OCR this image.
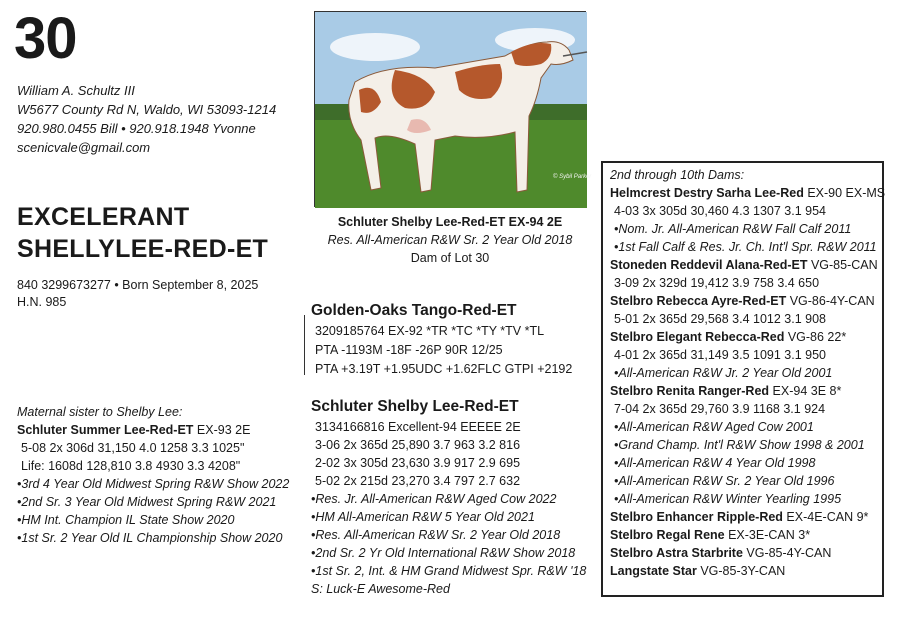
30
William A. Schultz III
W5677 County Rd N, Waldo, WI 53093-1214
920.980.0455 Bill • 920.918.1948 Yvonne
scenicvale@gmail.com
EXCELERANT
SHELLYLEE-RED-ET
840 3299673277 • Born September 8, 2025
H.N. 985
© Sybil Parker
Schluter Shelby Lee-Red-ET EX-94 2E
Res. All-American R&W Sr. 2 Year Old 2018
Dam of Lot 30
Golden-Oaks Tango-Red-ET
3209185764 EX-92 *TR *TC *TY *TV *TL
PTA -1193M -18F -26P 90R 12/25
PTA +3.19T +1.95UDC +1.62FLC GTPI +2192
Schluter Shelby Lee-Red-ET
3134166816 Excellent-94 EEEEE 2E
3-06 2x 365d 25,890 3.7 963 3.2 816
2-02 3x 305d 23,630 3.9 917 2.9 695
5-02 2x 215d 23,270 3.4 797 2.7 632
•Res. Jr. All-American R&W Aged Cow 2022
•HM All-American R&W 5 Year Old 2021
•Res. All-American R&W Sr. 2 Year Old 2018
•2nd Sr. 2 Yr Old International R&W Show 2018
•1st Sr. 2, Int. & HM Grand Midwest Spr. R&W '18
S: Luck-E Awesome-Red
Maternal sister to Shelby Lee:
Schluter Summer Lee-Red-ET EX-93 2E
5-08 2x 306d 31,150 4.0 1258 3.3 1025"
Life: 1608d 128,810 3.8 4930 3.3 4208"
•3rd 4 Year Old Midwest Spring R&W Show 2022
•2nd Sr. 3 Year Old Midwest Spring R&W 2021
•HM Int. Champion IL State Show 2020
•1st Sr. 2 Year Old IL Championship Show 2020
2nd through 10th Dams:
Helmcrest Destry Sarha Lee-Red EX-90 EX-MS
4-03 3x 305d 30,460 4.3 1307 3.1 954
•Nom. Jr. All-American R&W Fall Calf 2011
•1st Fall Calf & Res. Jr. Ch. Int'l Spr. R&W 2011
Stoneden Reddevil Alana-Red-ET VG-85-CAN
3-09 2x 329d 19,412 3.9 758 3.4 650
Stelbro Rebecca Ayre-Red-ET VG-86-4Y-CAN
5-01 2x 365d 29,568 3.4 1012 3.1 908
Stelbro Elegant Rebecca-Red VG-86 22*
4-01 2x 365d 31,149 3.5 1091 3.1 950
•All-American R&W Jr. 2 Year Old 2001
Stelbro Renita Ranger-Red EX-94 3E 8*
7-04 2x 365d 29,760 3.9 1168 3.1 924
•All-American R&W Aged Cow 2001
•Grand Champ. Int'l R&W Show 1998 & 2001
•All-American R&W 4 Year Old 1998
•All-American R&W Sr. 2 Year Old 1996
•All-American R&W Winter Yearling 1995
Stelbro Enhancer Ripple-Red EX-4E-CAN 9*
Stelbro Regal Rene EX-3E-CAN 3*
Stelbro Astra Starbrite VG-85-4Y-CAN
Langstate Star VG-85-3Y-CAN
